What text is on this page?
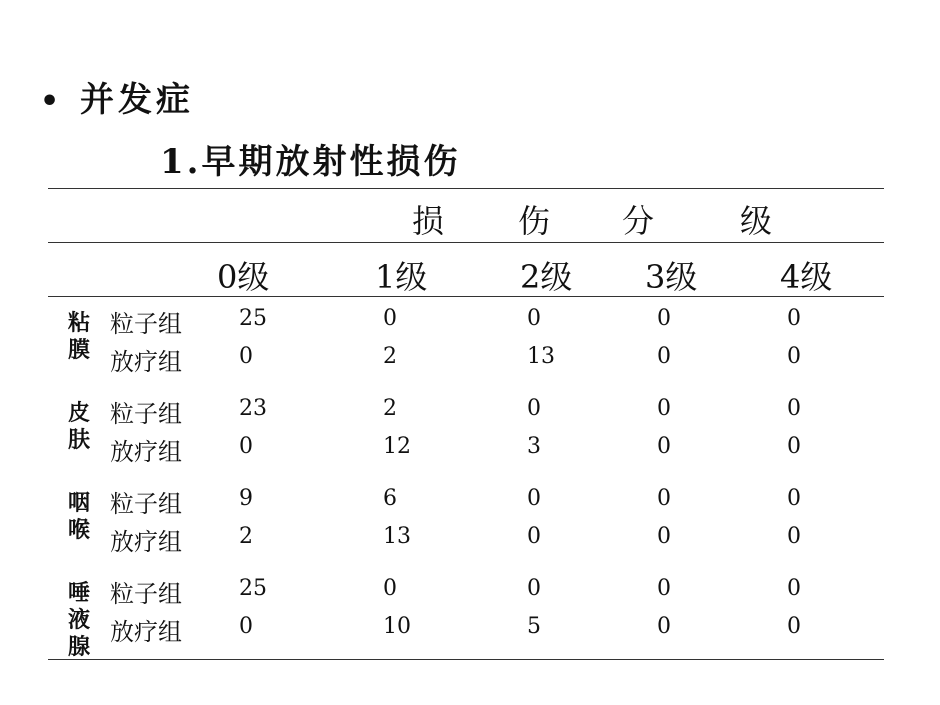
• 并发症
1.早期放射性损伤
损 伤 分	级
0级	1级	2级 3级	4级
粘
膜
粒子组	25	0	0	0	0
放疗组	0	2	13	0	0
皮
肤
粒子组	23	2	0	0	0
放疗组	0	12	3	0	0
咽
喉
粒子组	9	6	0	0	0
放疗组	2	13	0	0	0
唾
液
腺
粒子组	25	0	0	0	0
放疗组	0	10	5	0	0
